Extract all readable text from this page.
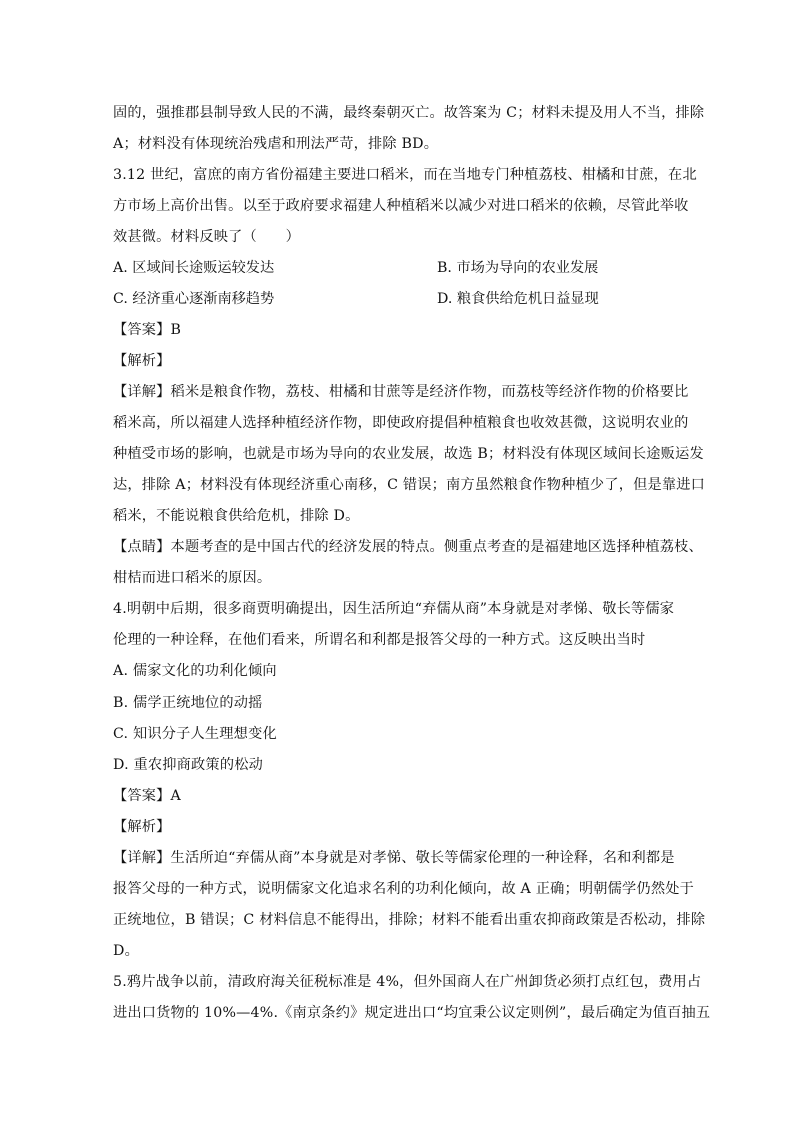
固的，强推郡县制导致人民的不满，最终秦朝灭亡。故答案为 C；材料未提及用人不当，排除
A；材料没有体现统治残虐和刑法严苛，排除 BD。
3.12 世纪，富庶的南方省份福建主要进口稻米，而在当地专门种植荔枝、柑橘和甘蔗，在北
方市场上高价出售。以至于政府要求福建人种植稻米以减少对进口稻米的依赖，尽管此举收
效甚微。材料反映了（　　）
A. 区域间长途贩运较发达	B. 市场为导向的农业发展
C. 经济重心逐渐南移趋势	D. 粮食供给危机日益显现
【答案】B
【解析】
【详解】稻米是粮食作物，荔枝、柑橘和甘蔗等是经济作物，而荔枝等经济作物的价格要比
稻米高，所以福建人选择种植经济作物，即使政府提倡种植粮食也收效甚微，这说明农业的
种植受市场的影响，也就是市场为导向的农业发展，故选 B；材料没有体现区域间长途贩运发
达，排除 A；材料没有体现经济重心南移，C 错误；南方虽然粮食作物种植少了，但是靠进口
稻米，不能说粮食供给危机，排除 D。
【点睛】本题考查的是中国古代的经济发展的特点。侧重点考查的是福建地区选择种植荔枝、
柑桔而进口稻米的原因。
4.明朝中后期，很多商贾明确提出，因生活所迫“弃儒从商”本身就是对孝悌、敬长等儒家
伦理的一种诠释，在他们看来，所谓名和利都是报答父母的一种方式。这反映出当时
A. 儒家文化的功利化倾向
B. 儒学正统地位的动摇
C. 知识分子人生理想变化
D. 重农抑商政策的松动
【答案】A
【解析】
【详解】生活所迫“弃儒从商”本身就是对孝悌、敬长等儒家伦理的一种诠释，名和利都是
报答父母的一种方式，说明儒家文化追求名利的功利化倾向，故 A 正确；明朝儒学仍然处于
正统地位，B 错误；C 材料信息不能得出，排除；材料不能看出重农抑商政策是否松动，排除
D。
5.鸦片战争以前，清政府海关征税标准是 4%，但外国商人在广州卸货必须打点红包，费用占
进出口货物的 10%—4%.《南京条约》规定进出口“均宜秉公议定则例”，最后确定为值百抽五
